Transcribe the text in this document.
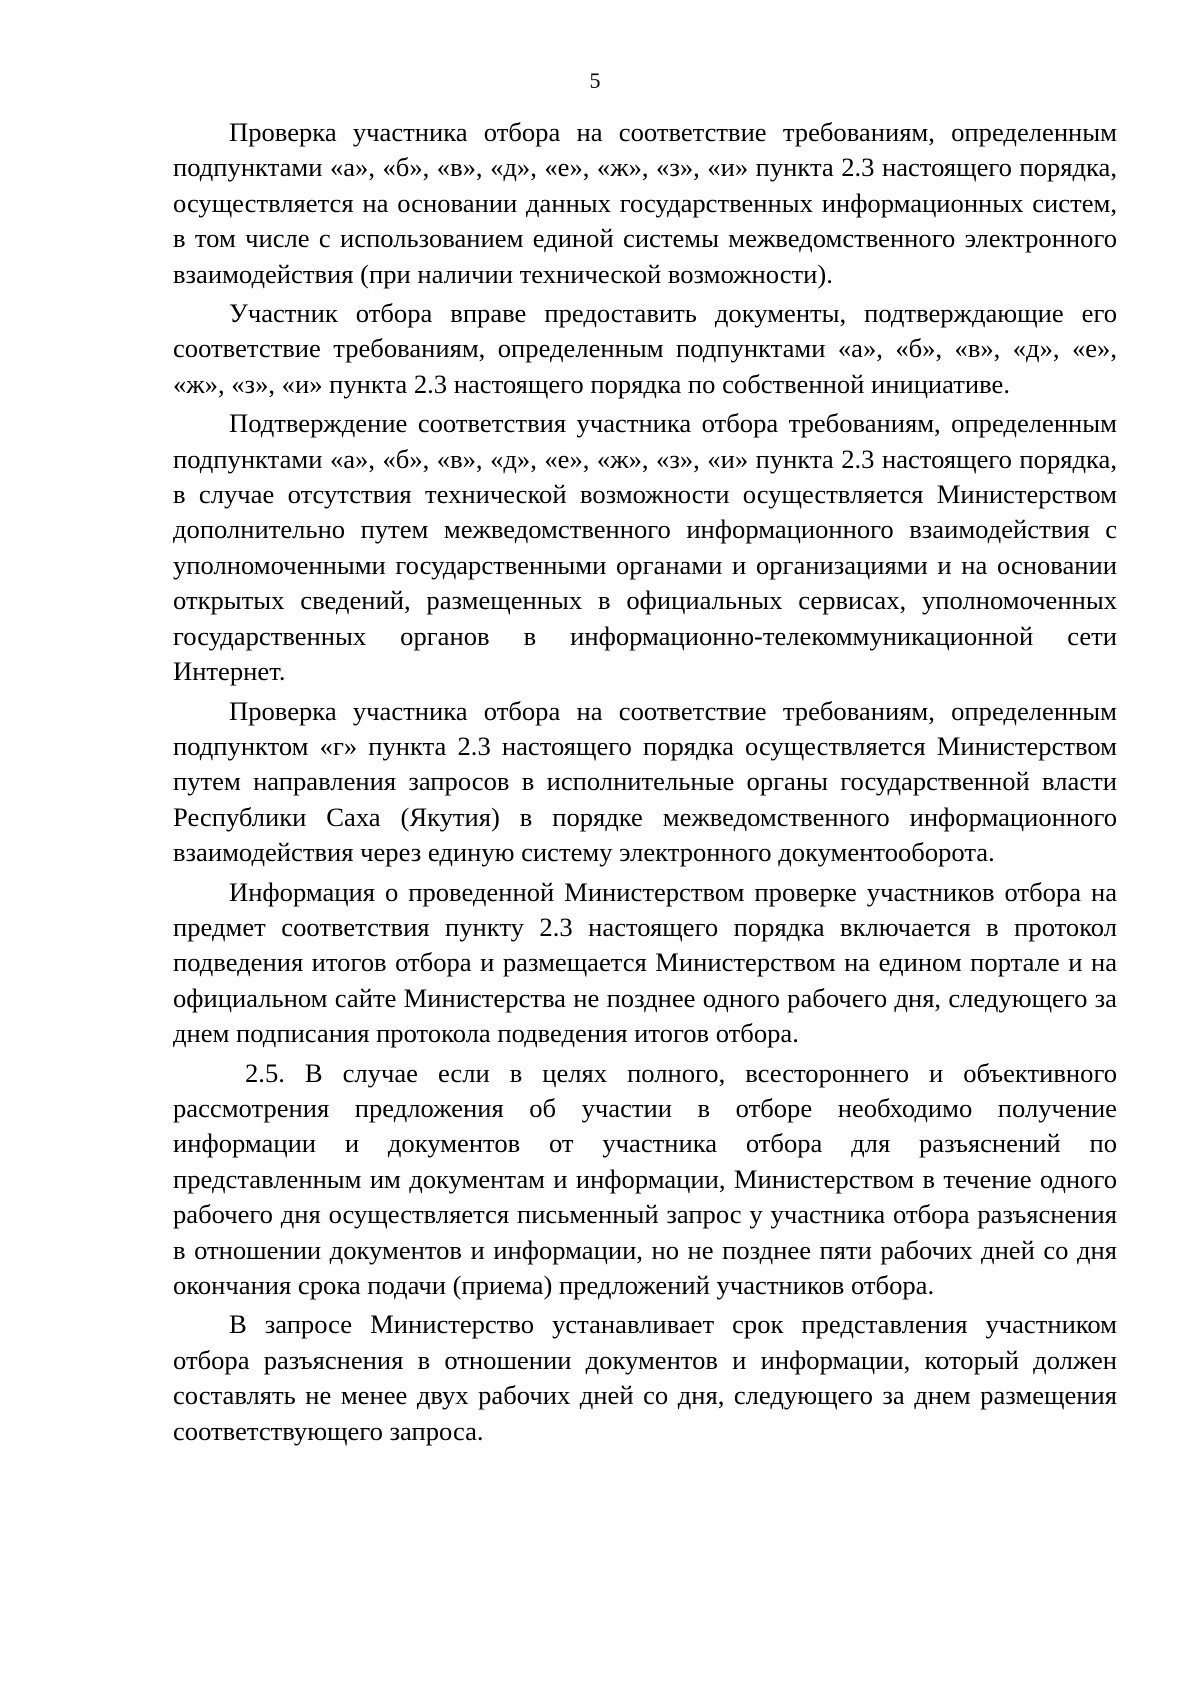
5

Проверка участника отбора на соответствие требованиям, определенным подпунктами «а», «б», «в», «д», «е», «ж», «з», «и» пункта 2.3 настоящего порядка, осуществляется на основании данных государственных информационных систем, в том числе с использованием единой системы межведомственного электронного взаимодействия (при наличии технической возможности).

Участник отбора вправе предоставить документы, подтверждающие его соответствие требованиям, определенным подпунктами «а», «б», «в», «д», «е», «ж», «з», «и» пункта 2.3 настоящего порядка по собственной инициативе.

Подтверждение соответствия участника отбора требованиям, определенным подпунктами «а», «б», «в», «д», «е», «ж», «з», «и» пункта 2.3 настоящего порядка, в случае отсутствия технической возможности осуществляется Министерством дополнительно путем межведомственного информационного взаимодействия с уполномоченными государственными органами и организациями и на основании открытых сведений, размещенных в официальных сервисах, уполномоченных государственных органов в информационно-телекоммуникационной сети Интернет.

Проверка участника отбора на соответствие требованиям, определенным подпунктом «г» пункта 2.3 настоящего порядка осуществляется Министерством путем направления запросов в исполнительные органы государственной власти Республики Саха (Якутия) в порядке межведомственного информационного взаимодействия через единую систему электронного документооборота.

Информация о проведенной Министерством проверке участников отбора на предмет соответствия пункту 2.3 настоящего порядка включается в протокол подведения итогов отбора и размещается Министерством на едином портале и на официальном сайте Министерства не позднее одного рабочего дня, следующего за днем подписания протокола подведения итогов отбора.

2.5. В случае если в целях полного, всестороннего и объективного рассмотрения предложения об участии в отборе необходимо получение информации и документов от участника отбора для разъяснений по представленным им документам и информации, Министерством в течение одного рабочего дня осуществляется письменный запрос у участника отбора разъяснения в отношении документов и информации, но не позднее пяти рабочих дней со дня окончания срока подачи (приема) предложений участников отбора.

В запросе Министерство устанавливает срок представления участником отбора разъяснения в отношении документов и информации, который должен составлять не менее двух рабочих дней со дня, следующего за днем размещения соответствующего запроса.
